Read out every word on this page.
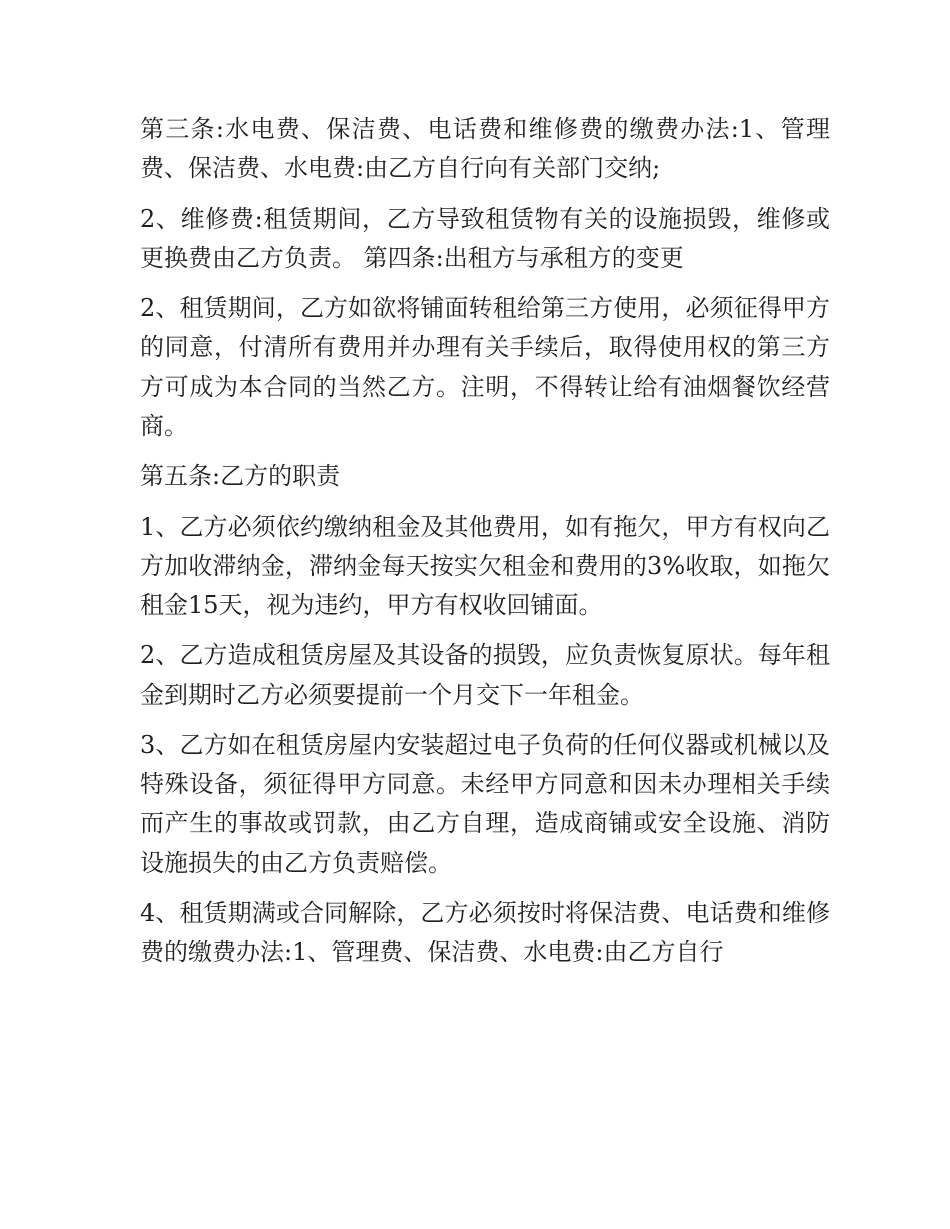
第三条:水电费、保洁费、电话费和维修费的缴费办法:1、管理费、保洁费、水电费:由乙方自行向有关部门交纳;

2、维修费:租赁期间，乙方导致租赁物有关的设施损毁，维修或更换费由乙方负责。 第四条:出租方与承租方的变更

2、租赁期间，乙方如欲将铺面转租给第三方使用，必须征得甲方的同意，付清所有费用并办理有关手续后，取得使用权的第三方方可成为本合同的当然乙方。注明，不得转让给有油烟餐饮经营商。

第五条:乙方的职责

1、乙方必须依约缴纳租金及其他费用，如有拖欠，甲方有权向乙方加收滞纳金，滞纳金每天按实欠租金和费用的3%收取，如拖欠租金15天，视为违约，甲方有权收回铺面。

2、乙方造成租赁房屋及其设备的损毁，应负责恢复原状。每年租金到期时乙方必须要提前一个月交下一年租金。

3、乙方如在租赁房屋内安装超过电子负荷的任何仪器或机械以及特殊设备，须征得甲方同意。未经甲方同意和因未办理相关手续而产生的事故或罚款，由乙方自理，造成商铺或安全设施、消防设施损失的由乙方负责赔偿。

4、租赁期满或合同解除，乙方必须按时将保洁费、电话费和维修费的缴费办法:1、管理费、保洁费、水电费:由乙方自行
